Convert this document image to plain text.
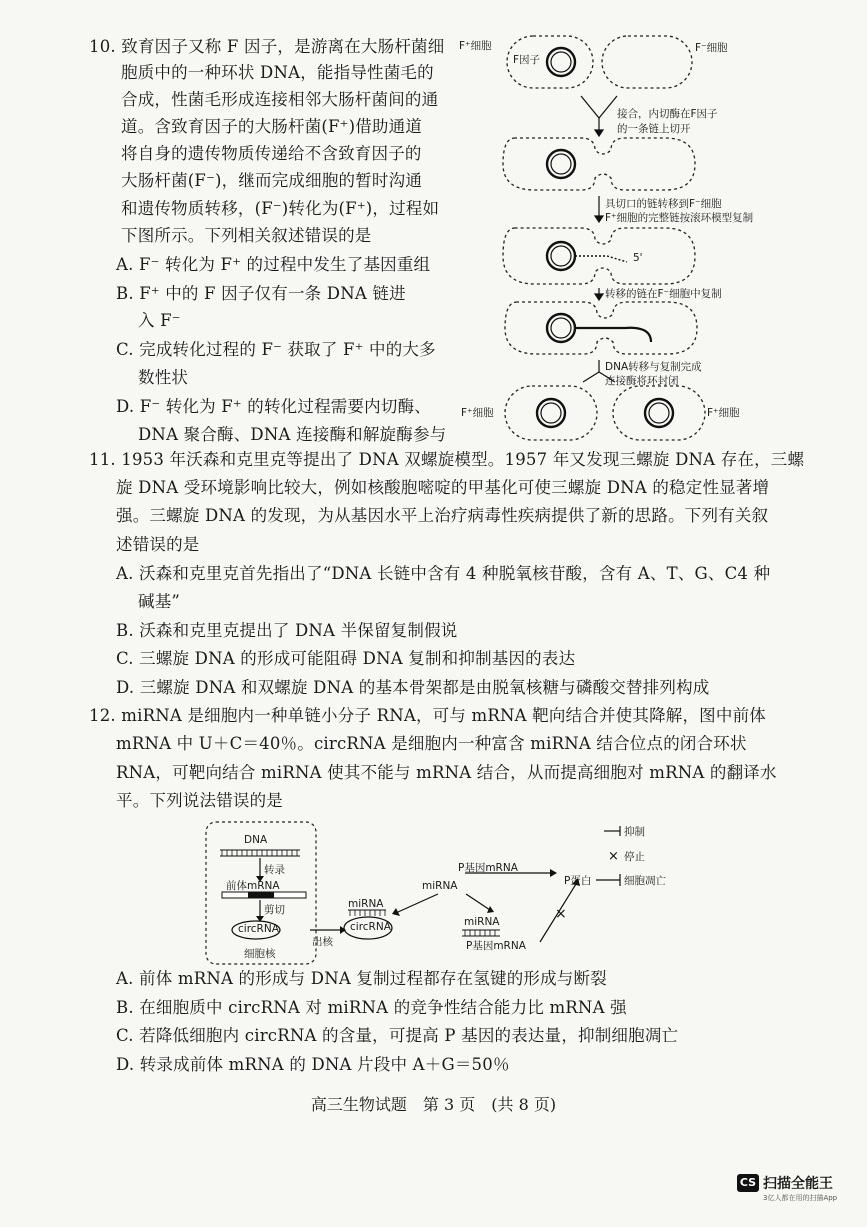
10. 致育因子又称 F 因子，是游离在大肠杆菌细
胞质中的一种环状 DNA，能指导性菌毛的
合成，性菌毛形成连接相邻大肠杆菌间的通
道。含致育因子的大肠杆菌(F⁺)借助通道
将自身的遗传物质传递给不含致育因子的
大肠杆菌(F⁻)，继而完成细胞的暂时沟通
和遗传物质转移，(F⁻)转化为(F⁺)，过程如
下图所示。下列相关叙述错误的是
A. F⁻ 转化为 F⁺ 的过程中发生了基因重组
B. F⁺ 中的 F 因子仅有一条 DNA 链进
入 F⁻
C. 完成转化过程的 F⁻ 获取了 F⁺ 中的大多
数性状
D. F⁻ 转化为 F⁺ 的转化过程需要内切酶、
DNA 聚合酶、DNA 连接酶和解旋酶参与
F⁺细胞
F因子
F⁻细胞
接合，内切酶在F因子
的一条链上切开
具切口的链转移到F⁻细胞
F⁺细胞的完整链按滚环模型复制
5'
转移的链在F⁻细胞中复制
DNA转移与复制完成
连接酶将环封闭
F⁺细胞	F⁺细胞
11. 1953 年沃森和克里克等提出了 DNA 双螺旋模型。1957 年又发现三螺旋 DNA 存在，三螺
旋 DNA 受环境影响比较大，例如核酸胞嘧啶的甲基化可使三螺旋 DNA 的稳定性显著增
强。三螺旋 DNA 的发现，为从基因水平上治疗病毒性疾病提供了新的思路。下列有关叙
述错误的是
A. 沃森和克里克首先指出了“DNA 长链中含有 4 种脱氧核苷酸，含有 A、T、G、C4 种
碱基”
B. 沃森和克里克提出了 DNA 半保留复制假说
C. 三螺旋 DNA 的形成可能阻碍 DNA 复制和抑制基因的表达
D. 三螺旋 DNA 和双螺旋 DNA 的基本骨架都是由脱氧核糖与磷酸交替排列构成
12. miRNA 是细胞内一种单链小分子 RNA，可与 mRNA 靶向结合并使其降解，图中前体
mRNA 中 U＋C＝40％。circRNA 是细胞内一种富含 miRNA 结合位点的闭合环状
RNA，可靶向结合 miRNA 使其不能与 mRNA 结合，从而提高细胞对 mRNA 的翻译水
平。下列说法错误的是
×
×
DNA
转录
前体mRNA
剪切
circRNA
细胞核
出核
miRNA
circRNA
miRNA
P基因mRNA
P蛋白	细胞凋亡
miRNA
P基因mRNA
抑制
停止
A. 前体 mRNA 的形成与 DNA 复制过程都存在氢键的形成与断裂
B. 在细胞质中 circRNA 对 miRNA 的竞争性结合能力比 mRNA 强
C. 若降低细胞内 circRNA 的含量，可提高 P 基因的表达量，抑制细胞凋亡
D. 转录成前体 mRNA 的 DNA 片段中 A＋G＝50％
高三生物试题　第 3 页　(共 8 页)
CS 扫描全能王
3亿人都在用的扫描App
